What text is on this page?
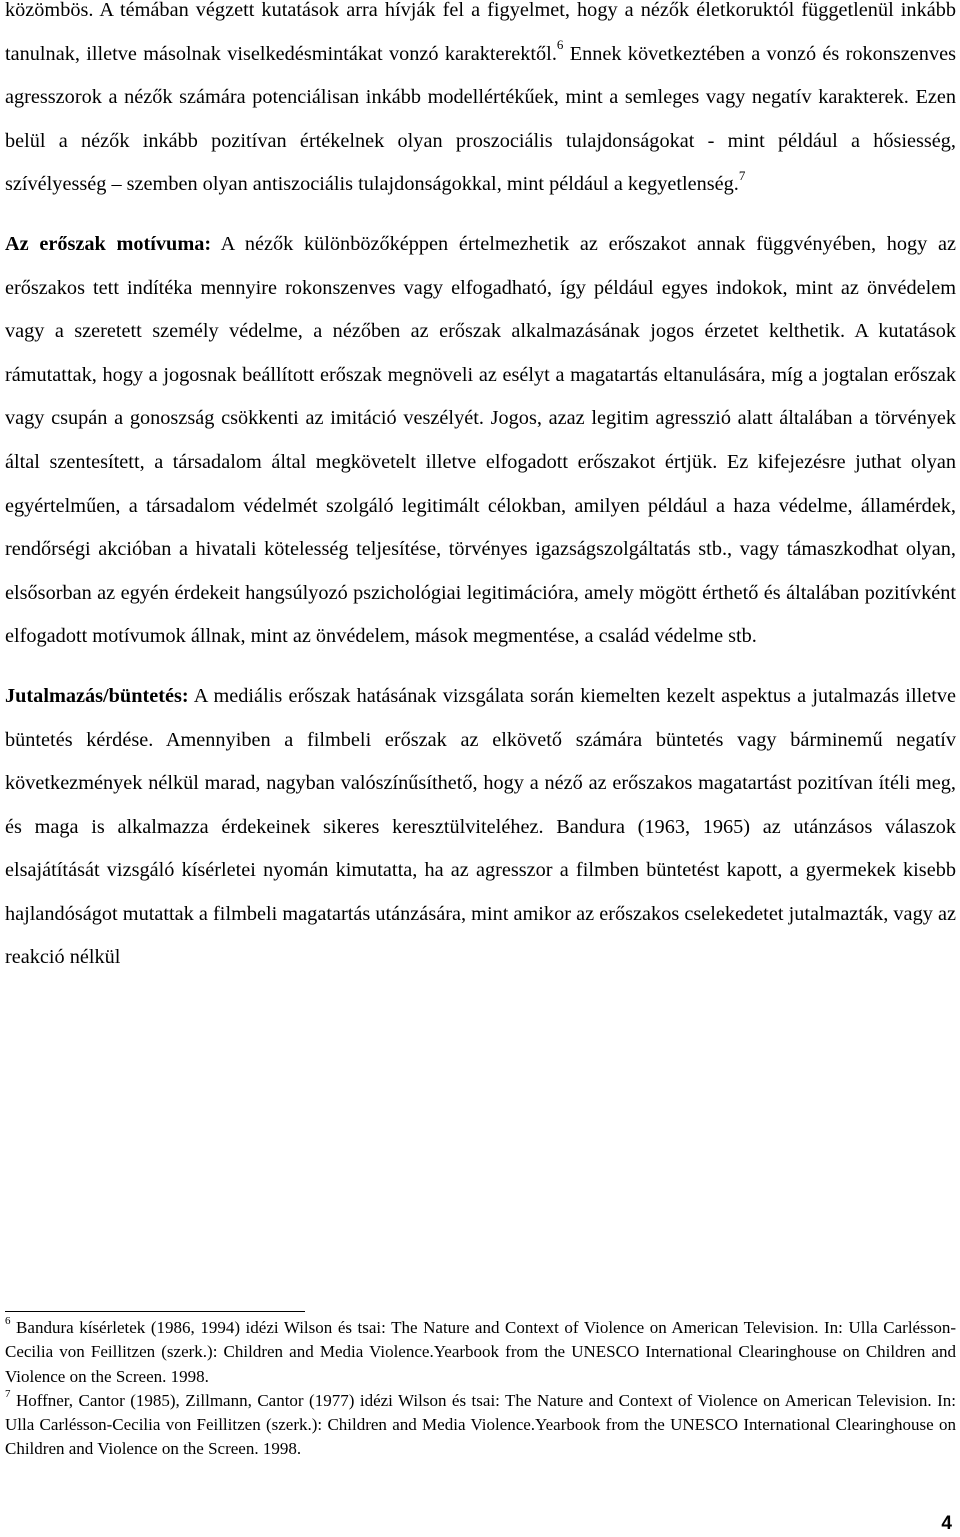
közömbös. A témában végzett kutatások arra hívják fel a figyelmet, hogy a nézők életkoruktól függetlenül inkább tanulnak, illetve másolnak viselkedésmintákat vonzó karakterektől.$^6$ Ennek következtében a vonzó és rokonszenves agresszorok a nézők számára potenciálisan inkább modellértékűek, mint a semleges vagy negatív karakterek. Ezen belül a nézők inkább pozitívan értékelnek olyan proszociális tulajdonságokat - mint például a hősiesség, szívélyesség – szemben olyan antiszociális tulajdonságokkal, mint például a kegyetlenség.$^7$

Az erőszak motívuma: A nézők különbözőképpen értelmezhetik az erőszakot annak függvényében, hogy az erőszakos tett indítéka mennyire rokonszenves vagy elfogadható, így például egyes indokok, mint az önvédelem vagy a szeretett személy védelme, a nézőben az erőszak alkalmazásának jogos érzetet kelthetik. A kutatások rámutattak, hogy a jogosnak beállított erőszak megnöveli az esélyt a magatartás eltanulására, míg a jogtalan erőszak vagy csupán a gonoszság csökkenti az imitáció veszélyét. Jogos, azaz legitim agresszió alatt általában a törvények által szentesített, a társadalom által megkövetelt illetve elfogadott erőszakot értjük. Ez kifejezésre juthat olyan egyértelműen, a társadalom védelmét szolgáló legitimált célokban, amilyen például a haza védelme, államérdek, rendőrségi akcióban a hivatali kötelesség teljesítése, törvényes igazságszolgáltatás stb., vagy támaszkodhat olyan, elsősorban az egyén érdekeit hangsúlyozó pszichológiai legitimációra, amely mögött érthető és általában pozitívként elfogadott motívumok állnak, mint az önvédelem, mások megmentése, a család védelme stb.

Jutalmazás/büntetés: A mediális erőszak hatásának vizsgálata során kiemelten kezelt aspektus a jutalmazás illetve büntetés kérdése. Amennyiben a filmbeli erőszak az elkövető számára büntetés vagy bárminemű negatív következmények nélkül marad, nagyban valószínűsíthető, hogy a néző az erőszakos magatartást pozitívan ítéli meg, és maga is alkalmazza érdekeinek sikeres keresztülviteléhez. Bandura (1963, 1965) az utánzásos válaszok elsajátítását vizsgáló kísérletei nyomán kimutatta, ha az agresszor a filmben büntetést kapott, a gyermekek kisebb hajlandóságot mutattak a filmbeli magatartás utánzására, mint amikor az erőszakos cselekedetet jutalmazták, vagy az reakció nélkül

$^6$ Bandura kísérletek (1986, 1994) idézi Wilson és tsai: The Nature and Context of Violence on American Television. In: Ulla Carlésson-Cecilia von Feillitzen (szerk.): Children and Media Violence.Yearbook from the UNESCO International Clearinghouse on Children and Violence on the Screen. 1998.

$^7$ Hoffner, Cantor (1985), Zillmann, Cantor (1977) idézi Wilson és tsai: The Nature and Context of Violence on American Television. In: Ulla Carlésson-Cecilia von Feillitzen (szerk.): Children and Media Violence.Yearbook from the UNESCO International Clearinghouse on Children and Violence on the Screen. 1998.

4
